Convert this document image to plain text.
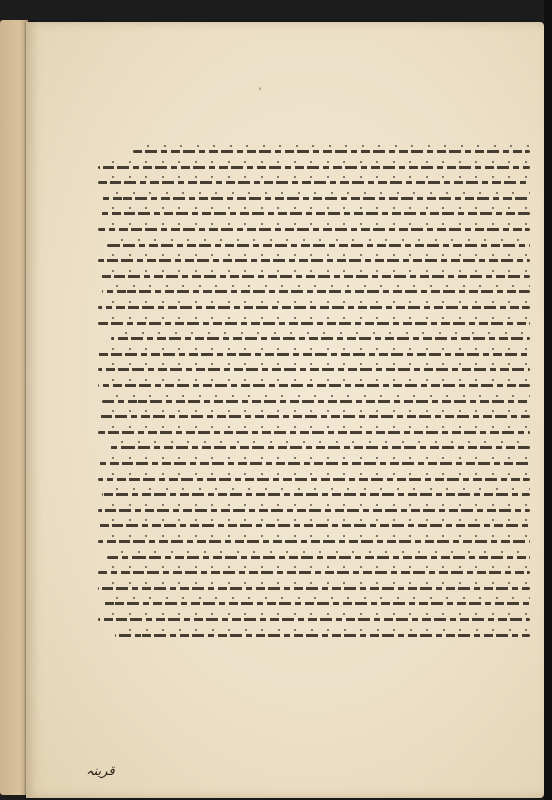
،
قرینہ
